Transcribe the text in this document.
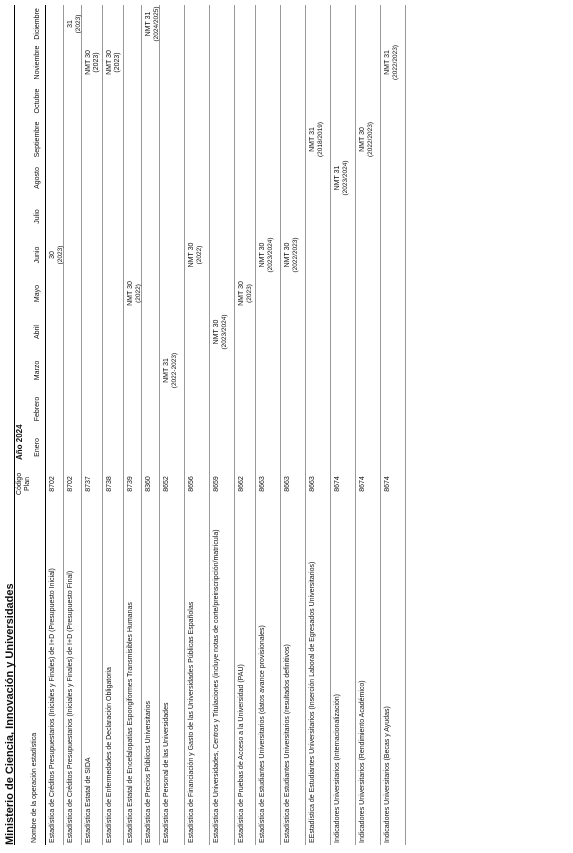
Ministerio de Ciencia, Innovación y Universidades Nombre de la operación estadística
Código Plan
Año 2024 Enero
Febrero
Marzo
Abril
Mayo
Junio
Julio
Agosto
Septiembre
Octubre
Noviembre
Diciembre
Estadística de Créditos Presupuestarios (Iniciales y Finales) de I+D (Presupuesto Inicial)
8702
30 (2023)
Estadística de Créditos Presupuestarios (Iniciales y Finales) de I+D (Presupuesto Final)
8702
31 (2023)
Estadística Estatal de SIDA
8737
NMT 30 (2023)
Estadística de Enfermedades de Declaración Obligatoria
8738
NMT 30 (2023)
Estadística Estatal de Encefalopatías Espongiformes Transmisibles Humanas
8739
NMT 30 (2022)
Estadística de Precios Públicos Universitarios
8360
NMT 31 (2024/2025)
Estadística de Personal de las Universidades
8652
NMT 31 (2022-2023)
Estadística de Financiación y Gasto de las Universidades Públicas Españolas
8656
NMT 30 (2022)
Estadística de Universidades, Centros y Titulaciones (incluye notas de corte/preinscripción/matrícula)
8659
NMT 30 (2023/2024)
Estadística de Pruebas de Acceso a la Universidad (PAU)
8662
NMT 30 (2023)
Estadística de Estudiantes Universitarios (datos avance provisionales)
8663
NMT 30 (2023/2024)
Estadística de Estudiantes Universitarios (resultados definitivos)
8663
NMT 30 (2022/2023)
EEstadística de Estudiantes Universitarios (Inserción Laboral de Egresados Universitarios)
8663
NMT 31 (2018/2019)
Indicadores Universitarios (Internacionalización)
8674
NMT 31 (2023/2024)
Indicadores Universitarios (Rendimiento Académico)
8674
NMT 30 (2022/2023)
Indicadores Universitarios (Becas y Ayudas)
8674
NMT 31 (2022/2023)
